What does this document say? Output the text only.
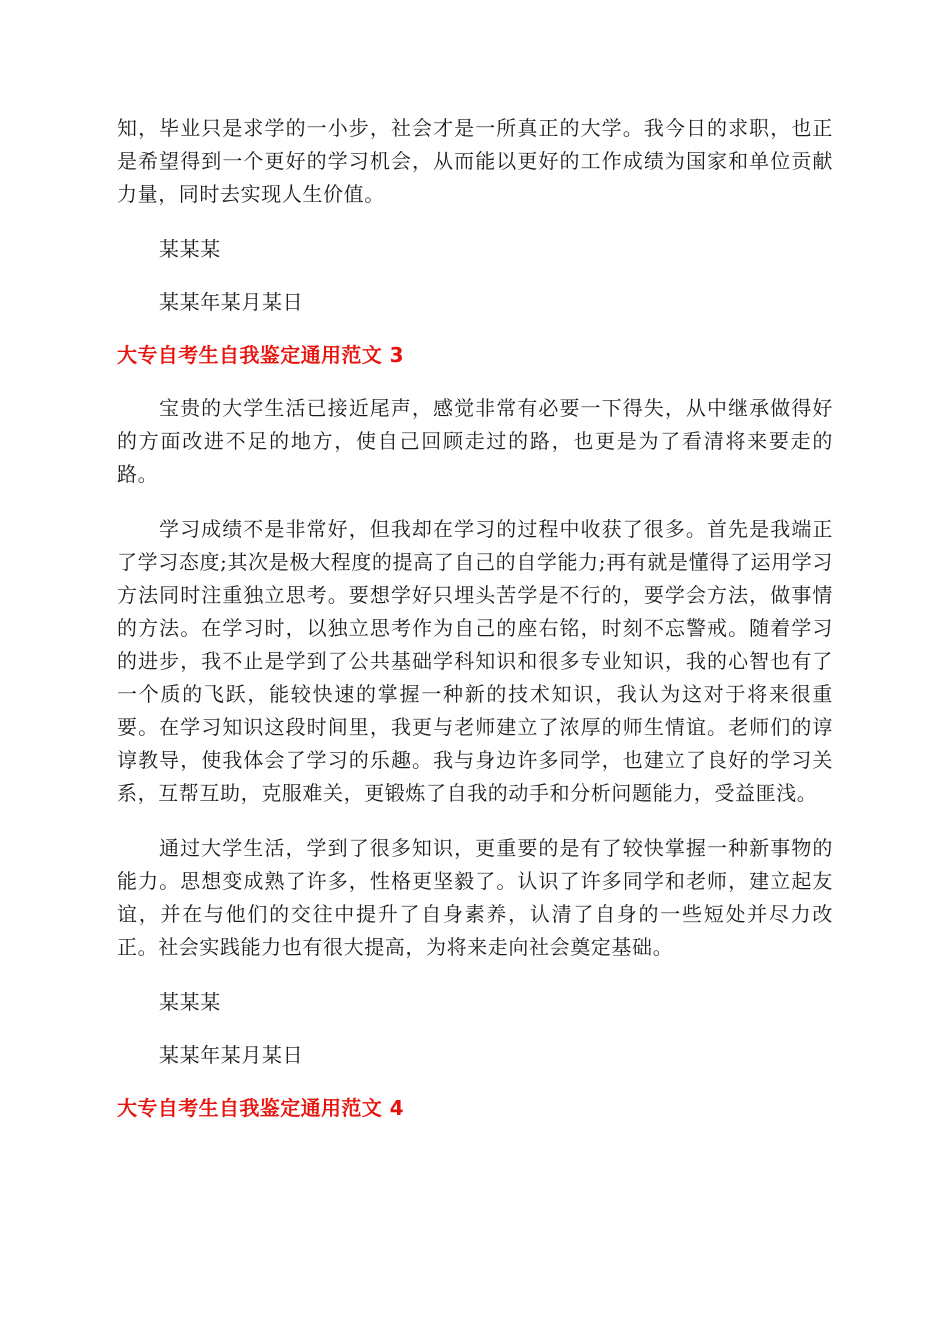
知，毕业只是求学的一小步，社会才是一所真正的大学。我今日的求职，也正是希望得到一个更好的学习机会，从而能以更好的工作成绩为国家和单位贡献力量，同时去实现人生价值。

某某某

某某年某月某日

大专自考生自我鉴定通用范文 3

宝贵的大学生活已接近尾声，感觉非常有必要一下得失，从中继承做得好的方面改进不足的地方，使自己回顾走过的路，也更是为了看清将来要走的路。

学习成绩不是非常好，但我却在学习的过程中收获了很多。首先是我端正了学习态度;其次是极大程度的提高了自己的自学能力;再有就是懂得了运用学习方法同时注重独立思考。要想学好只埋头苦学是不行的，要学会方法，做事情的方法。在学习时，以独立思考作为自己的座右铭，时刻不忘警戒。随着学习的进步，我不止是学到了公共基础学科知识和很多专业知识，我的心智也有了一个质的飞跃，能较快速的掌握一种新的技术知识，我认为这对于将来很重要。在学习知识这段时间里，我更与老师建立了浓厚的师生情谊。老师们的谆谆教导，使我体会了学习的乐趣。我与身边许多同学，也建立了良好的学习关系，互帮互助，克服难关，更锻炼了自我的动手和分析问题能力，受益匪浅。

通过大学生活，学到了很多知识，更重要的是有了较快掌握一种新事物的能力。思想变成熟了许多，性格更坚毅了。认识了许多同学和老师，建立起友谊，并在与他们的交往中提升了自身素养，认清了自身的一些短处并尽力改正。社会实践能力也有很大提高，为将来走向社会奠定基础。

某某某

某某年某月某日

大专自考生自我鉴定通用范文 4
